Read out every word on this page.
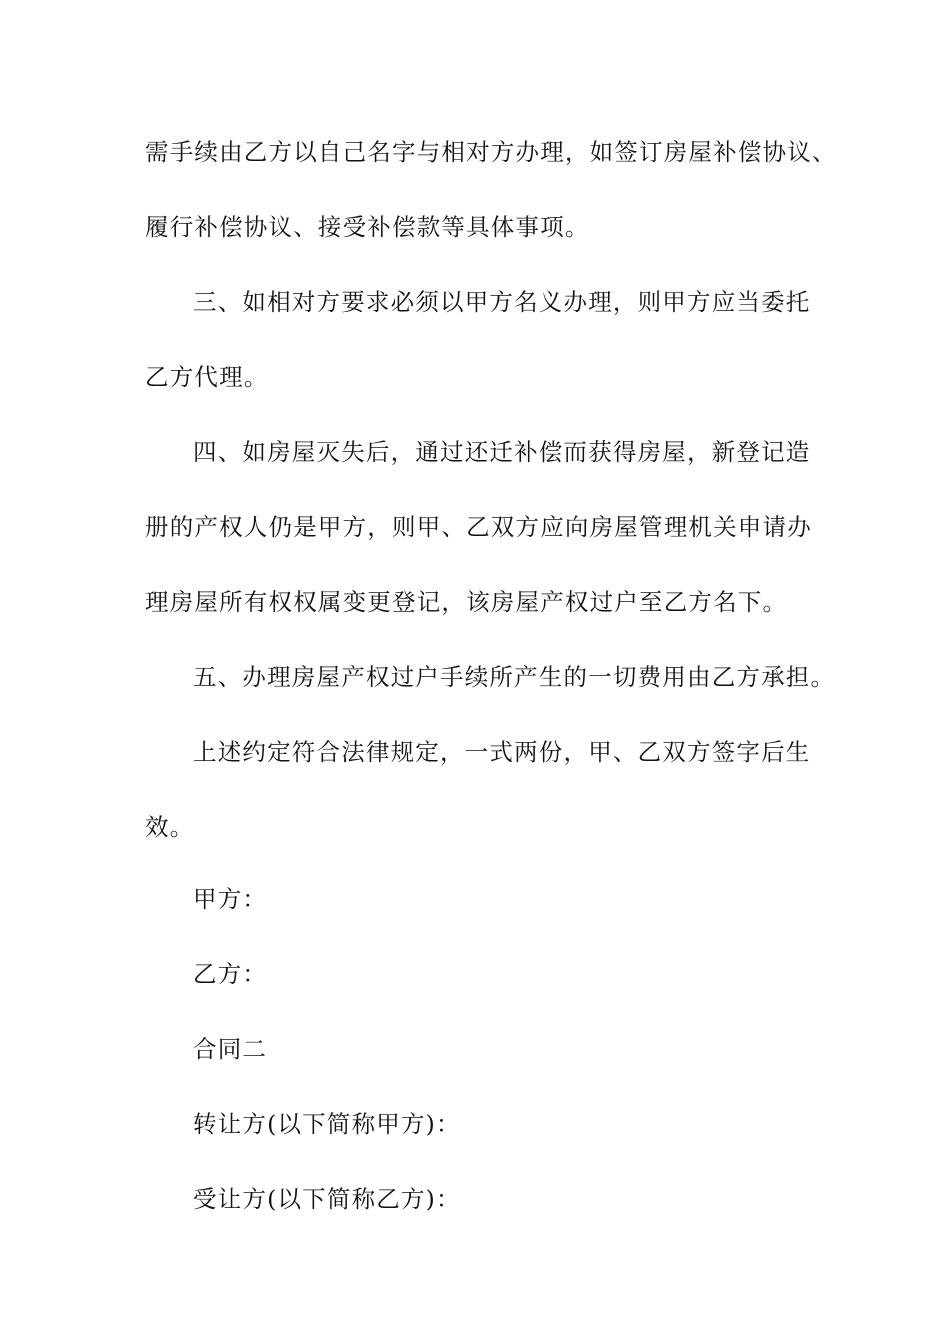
需手续由乙方以自己名字与相对方办理，如签订房屋补偿协议、
履行补偿协议、接受补偿款等具体事项。
三、如相对方要求必须以甲方名义办理，则甲方应当委托
乙方代理。
四、如房屋灭失后，通过还迁补偿而获得房屋，新登记造
册的产权人仍是甲方，则甲、乙双方应向房屋管理机关申请办
理房屋所有权权属变更登记，该房屋产权过户至乙方名下。
五、办理房屋产权过户手续所产生的一切费用由乙方承担。
上述约定符合法律规定，一式两份，甲、乙双方签字后生
效。
甲方：
乙方：
合同二
转让方(以下简称甲方)：
受让方(以下简称乙方)：
